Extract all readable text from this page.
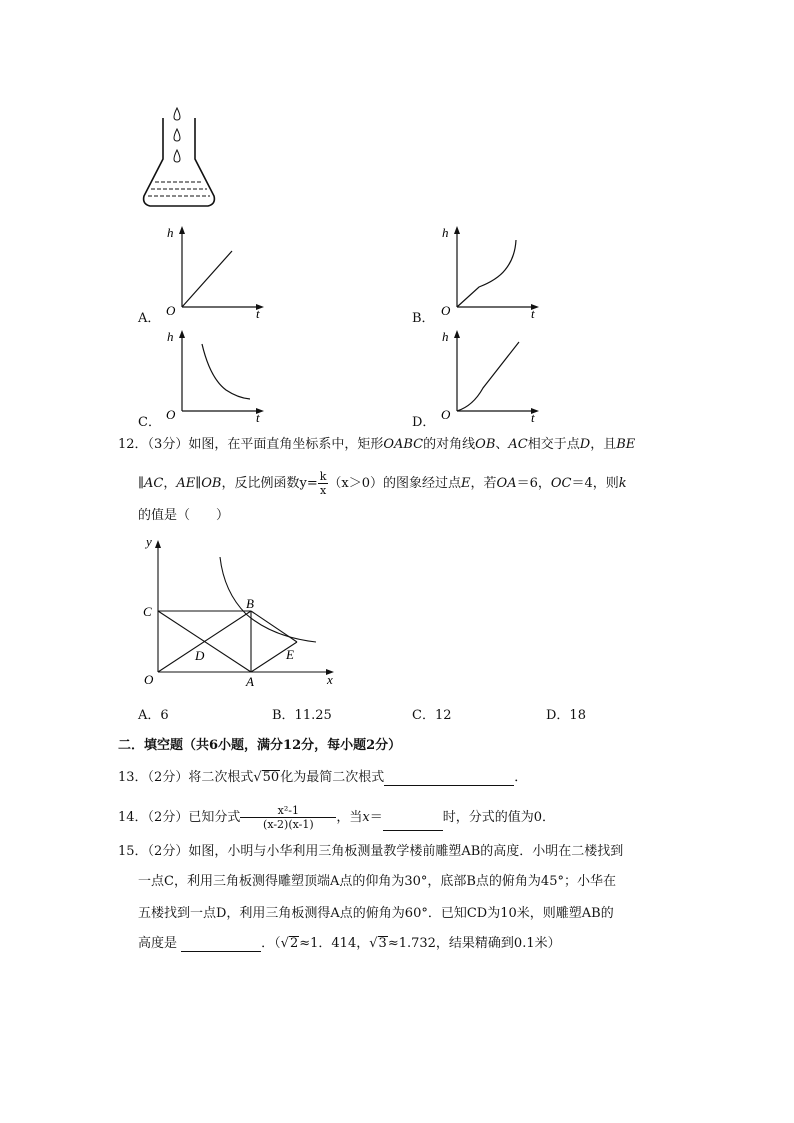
A．
h
O	t	B．
h
O	t
C．
h
O	t	D．
h
O	t
12．（3分）如图，在平面直角坐标系中，矩形OABC的对角线OB、AC相交于点D，且BE
∥AC，AE∥OB，反比例函数$y= \frac{k}{x} (x>0)$的图象经过点E，若OA＝6，OC＝4，则k
的值是（　　）
y
x
O	A
B
C
D	E
A．6	B．11.25	C．12	D．18
二．填空题（共6小题，满分12分，每小题2分）
13．（2分）将二次根式√50化为最简二次根式	．
14．（2分）已知分式 $\frac{\text{x²-1}}{(x-2)(x-1)}$ ，当x＝	时，分式的值为0．
15．（2分）如图，小明与小华利用三角板测量教学楼前雕塑AB的高度．小明在二楼找到
一点C，利用三角板测得雕塑顶端A点的仰角为30°，底部B点的俯角为45°；小华在
五楼找到一点D，利用三角板测得A点的俯角为60°．已知CD为10米，则雕塑AB的
高度是	．（√2≈1．414，√3≈1.732，结果精确到0.1米）
